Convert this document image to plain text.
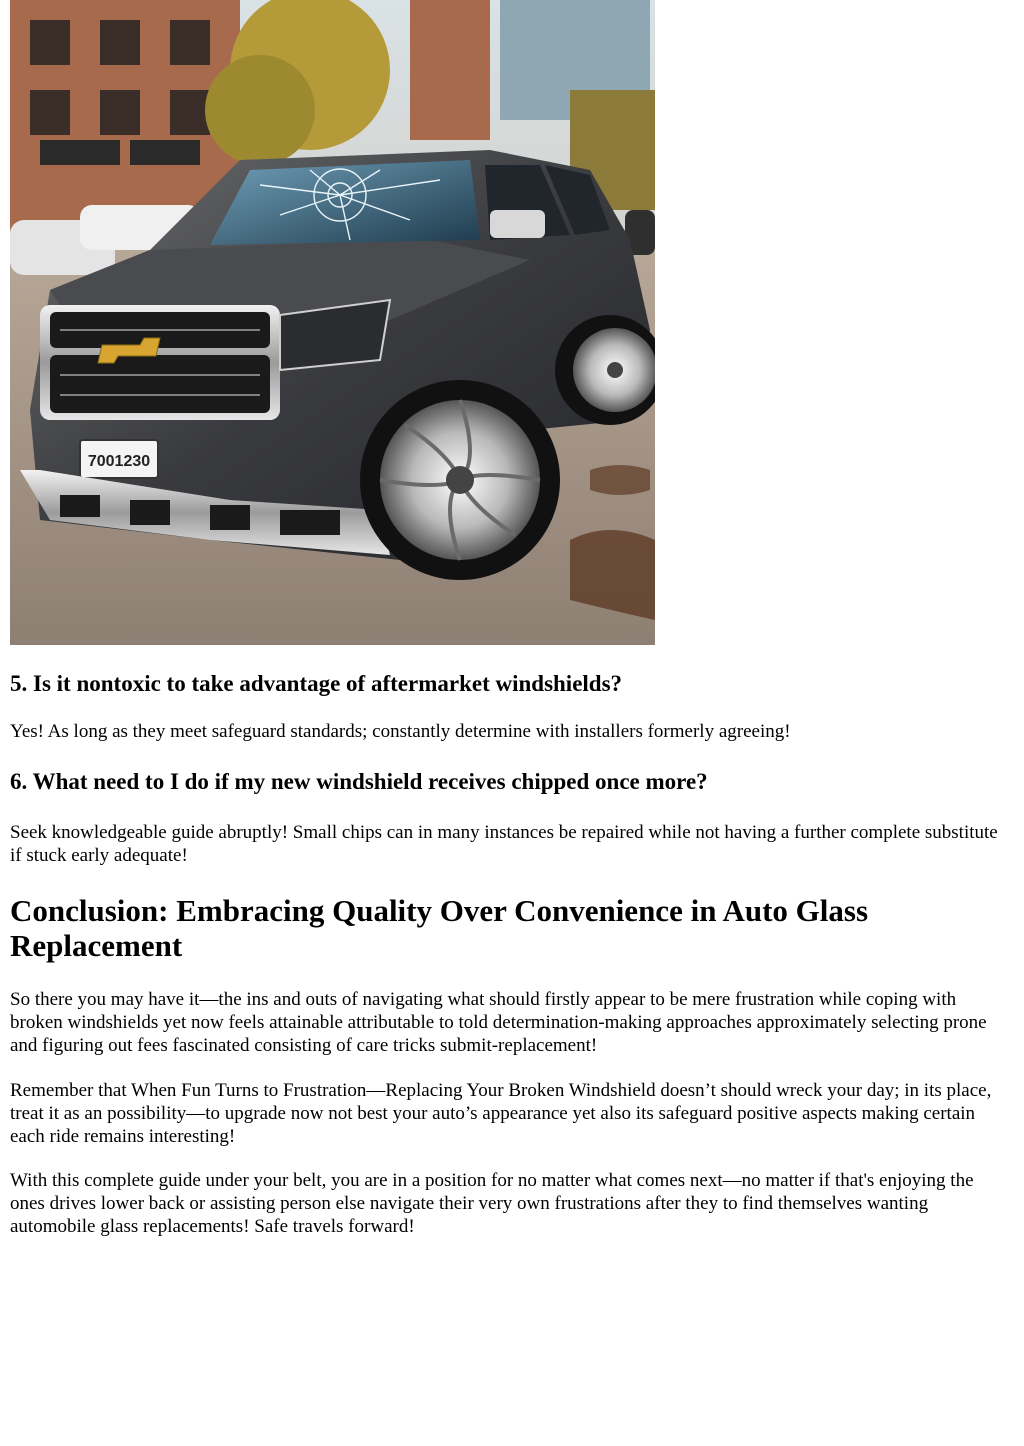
7001230
5. Is it nontoxic to take advantage of aftermarket windshields?

Yes! As long as they meet safeguard standards; constantly determine with installers formerly agreeing!

6. What need to I do if my new windshield receives chipped once more?

Seek knowledgeable guide abruptly! Small chips can in many instances be repaired while not having a further complete substitute if stuck early adequate!

Conclusion: Embracing Quality Over Convenience in Auto Glass Replacement

So there you may have it—the ins and outs of navigating what should firstly appear to be mere frustration while coping with broken windshields yet now feels attainable attributable to told determination-making approaches approximately selecting prone and figuring out fees fascinated consisting of care tricks submit-replacement!

Remember that When Fun Turns to Frustration—Replacing Your Broken Windshield doesn’t should wreck your day; in its place, treat it as an possibility—to upgrade now not best your auto’s appearance yet also its safeguard positive aspects making certain each ride remains interesting!

With this complete guide under your belt, you are in a position for no matter what comes next—no matter if that's enjoying the ones drives lower back or assisting person else navigate their very own frustrations after they to find themselves wanting automobile glass replacements! Safe travels forward!
